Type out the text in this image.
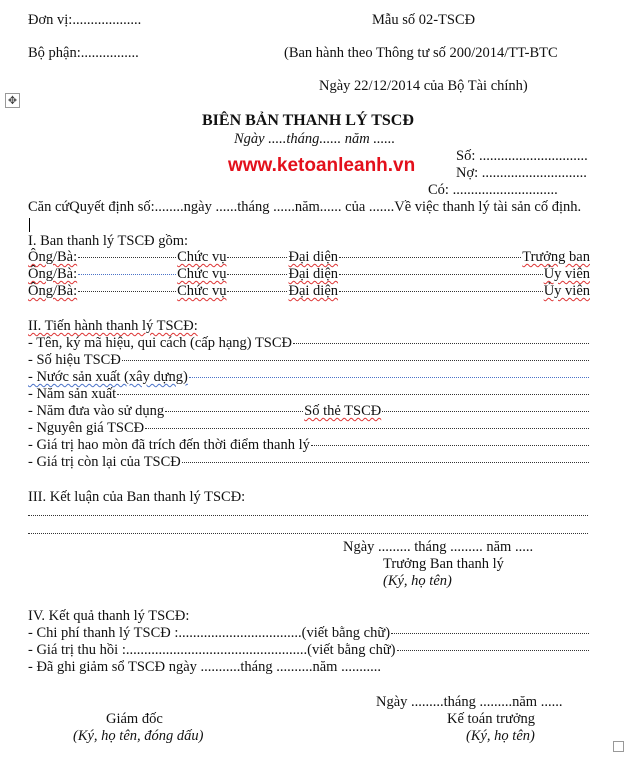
Đơn vị:...................	Mẫu số 02-TSCĐ
Bộ phận:................	(Ban hành theo Thông tư số 200/2014/TT-BTC
Ngày 22/12/2014 của Bộ Tài chính)
✥
BIÊN BẢN THANH LÝ TSCĐ
Ngày .....tháng...... năm ......
www.ketoanleanh.vn	Số: ..............................
Nợ: .............................
Có: .............................
Căn cứQuyết định số:........ngày ......tháng ......năm...... của .......Về việc thanh lý tài sản cố định.
I. Ban thanh lý TSCĐ gồm:
Ông/Bà:	Chức vụ	Đại diện	Trưởng ban
Ông/Bà:	Chức vụ	Đại diện	Ủy viên
Ông/Bà:	Chức vụ	Đại diện	Ủy viên
II. Tiến hành thanh lý TSCĐ:
- Tên, ký mã hiệu, qui cách (cấp hạng) TSCĐ
- Số hiệu TSCĐ
- Nước sản xuất (xây dựng)
- Năm sản xuất
- Năm đưa vào sử dụng	Số thẻ TSCĐ
- Nguyên giá TSCĐ
- Giá trị hao mòn đã trích đến thời điểm thanh lý
- Giá trị còn lại của TSCĐ
III. Kết luận của Ban thanh lý TSCĐ:
Ngày ......... tháng ......... năm .....
Trưởng Ban thanh lý
(Ký, họ tên)
IV. Kết quả thanh lý TSCĐ:
- Chi phí thanh lý TSCĐ :.................................. (viết bằng chữ)
- Giá trị thu hồi :.................................................. (viết bằng chữ)
- Đã ghi giảm sổ TSCĐ ngày ...........tháng ..........năm ...........
Ngày .........tháng .........năm ......
Giám đốc	Kế toán trưởng
(Ký, họ tên, đóng dấu)	(Ký, họ tên)
